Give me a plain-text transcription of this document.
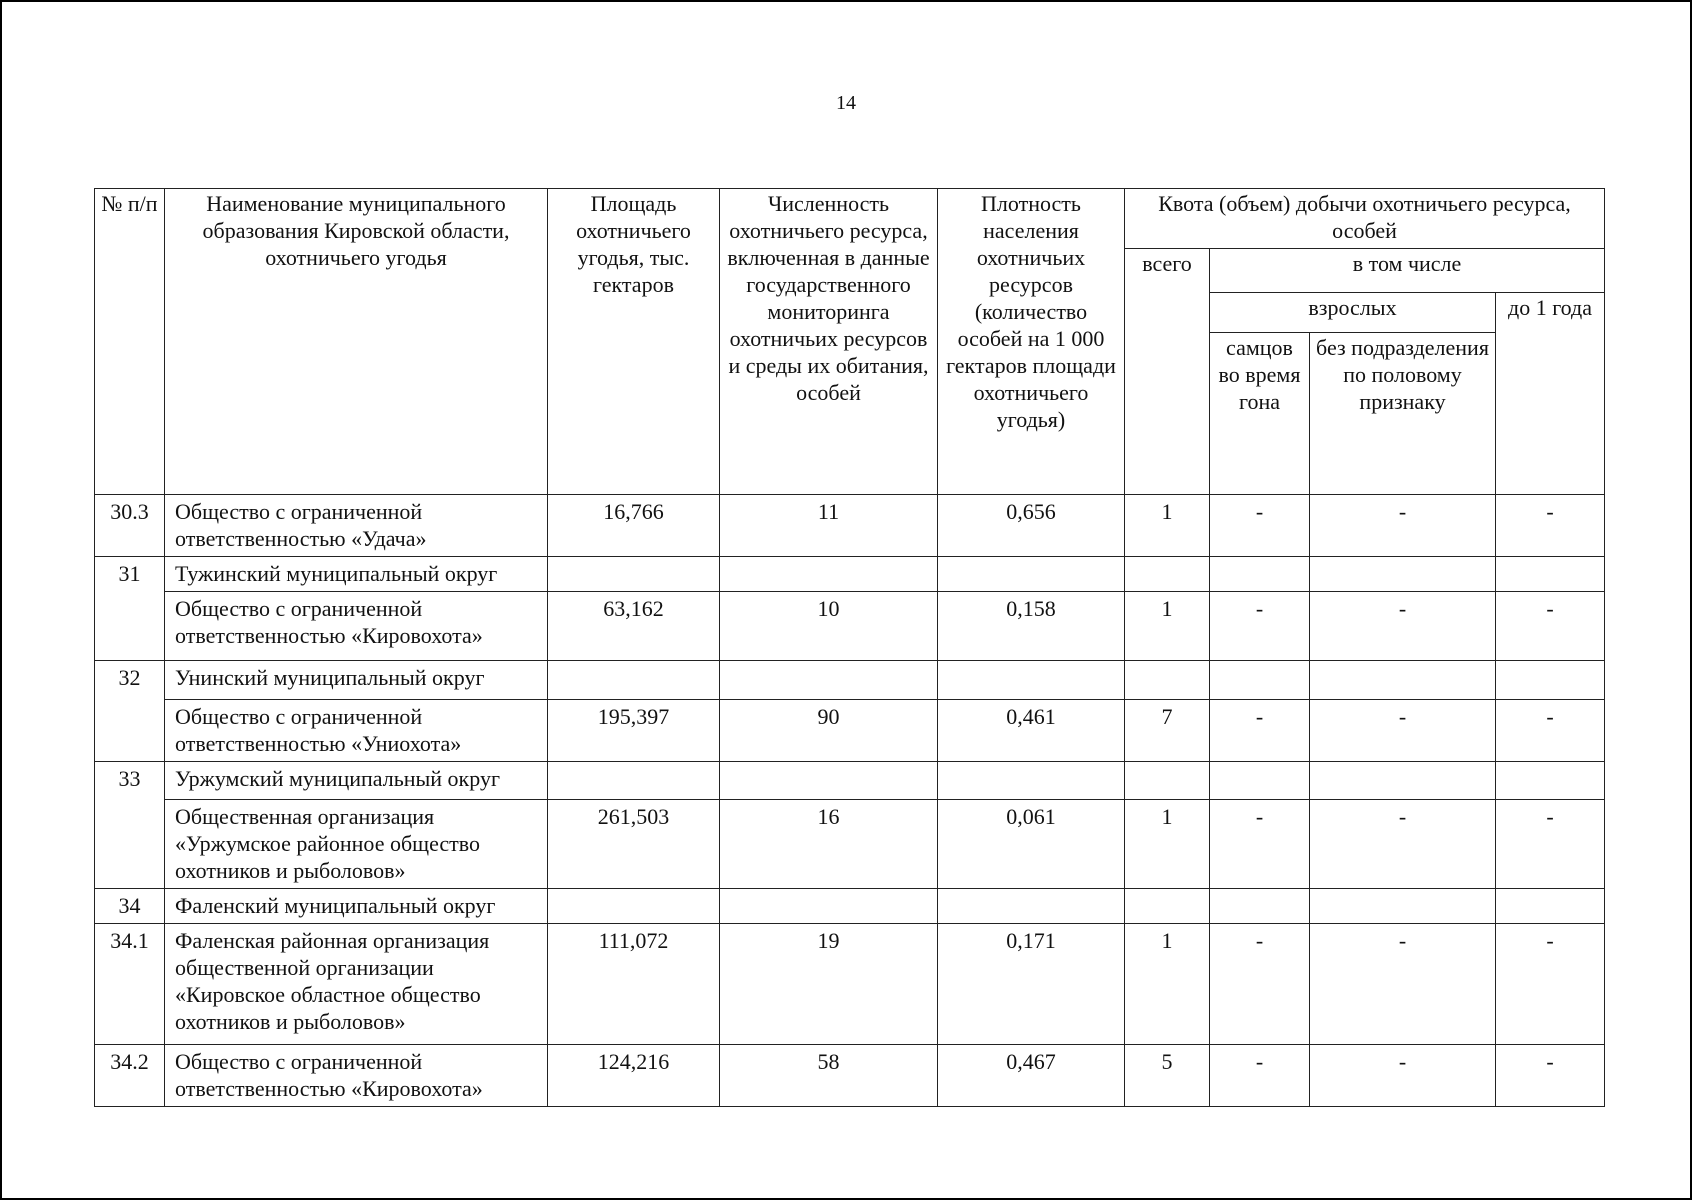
14
№ п/п	Наименование муниципального образования Кировской области, охотничьего угодья	Площадь охотничьего угодья, тыс. гектаров	Численность охотничьего ресурса, включенная в данные государственного мониторинга охотничьих ресурсов и среды их обитания, особей	Плотность населения охотничьих ресурсов (количество особей на 1 000 гектаров площади охотничьего угодья)	Квота (объем) добычи охотничьего ресурса, особей			
					всего	в том числе		
						взрослых		до 1 года
						самцов во время гона	без подразделения по половому признаку	
30.3	Общество с ограниченной ответственностью «Удача»	16,766	11	0,656	1	-	-	-
31	Тужинский муниципальный округ							
	Общество с ограниченной ответственностью «Кировохота»	63,162	10	0,158	1	-	-	-
32	Унинский муниципальный округ							
	Общество с ограниченной ответственностью «Униохота»	195,397	90	0,461	7	-	-	-
33	Уржумский муниципальный округ							
	Общественная организация «Уржумское районное общество охотников и рыболовов»	261,503	16	0,061	1	-	-	-
34	Фаленский муниципальный округ							
34.1	Фаленская районная организация общественной организации «Кировское областное общество охотников и рыболовов»	111,072	19	0,171	1	-	-	-
34.2	Общество с ограниченной ответственностью «Кировохота»	124,216	58	0,467	5	-	-	-
